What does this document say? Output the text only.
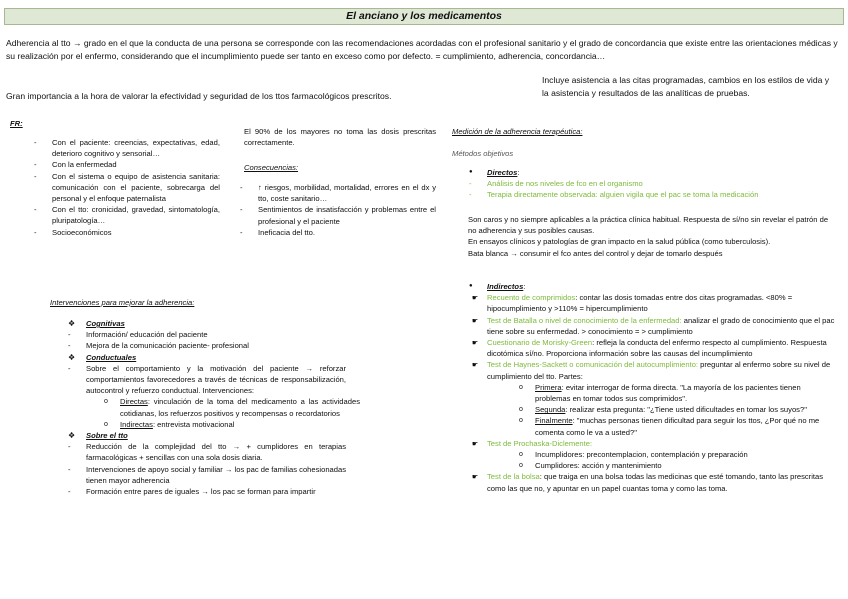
El anciano y los medicamentos
Adherencia al tto → grado en el que la conducta de una persona se corresponde con las recomendaciones acordadas con el profesional sanitario y el grado de concordancia que existe entre las orientaciones médicas y su realización por el enfermo, considerando que el incumplimiento puede ser tanto en exceso como por defecto. = cumplimiento, adherencia, concordancia…
Gran importancia a la hora de valorar la efectividad y seguridad de los ttos farmacológicos prescritos.
Incluye asistencia a las citas programadas, cambios en los estilos de vida y la asistencia y resultados de las analíticas de pruebas.
FR:
- Con el paciente: creencias, expectativas, edad, deterioro cognitivo y sensorial…
- Con la enfermedad
- Con el sistema o equipo de asistencia sanitaria: comunicación con el paciente, sobrecarga del personal y el enfoque paternalista
- Con el tto: cronicidad, gravedad, sintomatología, pluripatología…
- Socioeconómicos
El 90% de los mayores no toma las dosis prescritas correctamente.
Consecuencias:
- ↑ riesgos, morbilidad, mortalidad, errores en el dx y tto, coste sanitario…
- Sentimientos de insatisfacción y problemas entre el profesional y el paciente
- Ineficacia del tto.
Intervenciones para mejorar la adherencia:
❖ Cognitivas
- Información/ educación del paciente
- Mejora de la comunicación paciente- profesional
❖ Conductuales
- Sobre el comportamiento y la motivación del paciente → reforzar comportamientos favorecedores a través de técnicas de responsabilización, autocontrol y refuerzo conductual. Intervenciones:
o Directas: vinculación de la toma del medicamento a las actividades cotidianas, los refuerzos positivos y recompensas o recordatorios
o Indirectas: entrevista motivacional
❖ Sobre el tto
- Reducción de la complejidad del tto → + cumplidores en terapias farmacológicas + sencillas con una sola dosis diaria.
- Intervenciones de apoyo social y familiar → los pac de familias cohesionadas tienen mayor adherencia
- Formación entre pares de iguales → los pac se forman para impartir
Medición de la adherencia terapéutica:
Métodos objetivos
● Directos:
- Análisis de nos niveles de fco en el organismo
- Terapia directamente observada: alguien vigila que el pac se toma la medicación
Son caros y no siempre aplicables a la práctica clínica habitual. Respuesta de sí/no sin revelar el patrón de no adherencia y sus posibles causas.
En ensayos clínicos y patologías de gran impacto en la salud pública (como tuberculosis).
Bata blanca → consumir el fco antes del control y dejar de tomarlo después
● Indirectos:
☛ Recuento de comprimidos: contar las dosis tomadas entre dos citas programadas. <80% = hipocumplimiento y >110% = hipercumplimiento
☛ Test de Batalla o nivel de conocimiento de la enfermedad: analizar el grado de conocimiento que el pac tiene sobre su enfermedad. > conocimiento = > cumplimiento
☛ Cuestionario de Morisky-Green: refleja la conducta del enfermo respecto al cumplimiento. Respuesta dicotómica sí/no. Proporciona información sobre las causas del incumplimiento
☛ Test de Haynes-Sackett o comunicación del autocumplimiento: preguntar al enfermo sobre su nivel de cumplimiento del tto. Partes:
o Primera: evitar interrogar de forma directa. "La mayoría de los pacientes tienen problemas en tomar todos sus comprimidos".
o Segunda: realizar esta pregunta: "¿Tiene usted dificultades en tomar los suyos?"
o Finalmente: "muchas personas tienen dificultad para seguir los ttos, ¿Por qué no me comenta como le va a usted?"
☛ Test de Prochaska-Diclemente:
o Incumplidores: precontemplacion, contemplación y preparación
o Cumplidores: acción y mantenimiento
☛ Test de la bolsa: que traiga en una bolsa todas las medicinas que esté tomando, tanto las prescritas como las que no, y apuntar en un papel cuantas toma y como las toma.
